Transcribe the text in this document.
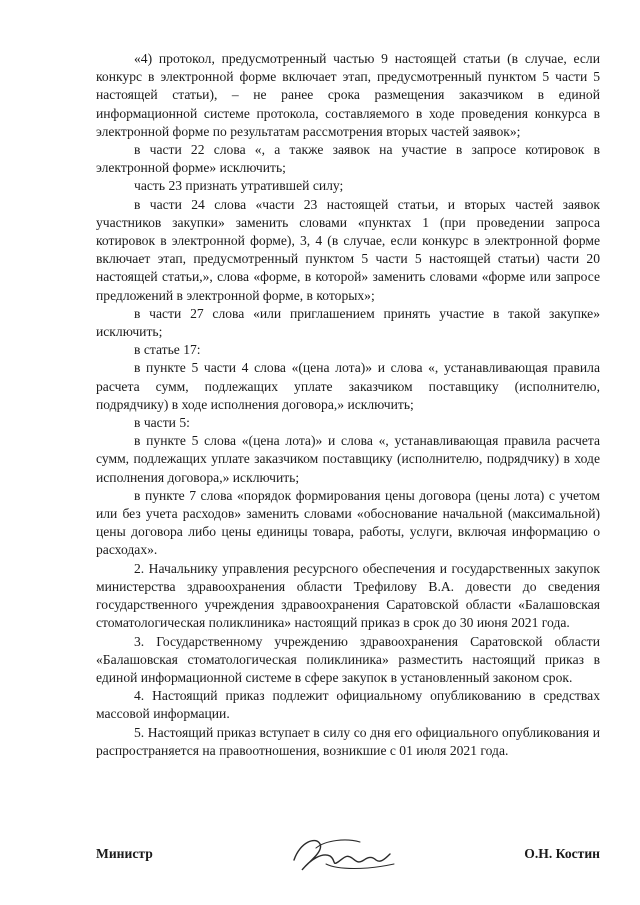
«4) протокол, предусмотренный частью 9 настоящей статьи (в случае, если конкурс в электронной форме включает этап, предусмотренный пунктом 5 части 5 настоящей статьи), – не ранее срока размещения заказчиком в единой информационной системе протокола, составляемого в ходе проведения конкурса в электронной форме по результатам рассмотрения вторых частей заявок»;

в части 22 слова «, а также заявок на участие в запросе котировок в электронной форме» исключить;

часть 23 признать утратившей силу;

в части 24 слова «части 23 настоящей статьи, и вторых частей заявок участников закупки» заменить словами «пунктах 1 (при проведении запроса котировок в электронной форме), 3, 4 (в случае, если конкурс в электронной форме включает этап, предусмотренный пунктом 5 части 5 настоящей статьи) части 20 настоящей статьи,», слова «форме, в которой» заменить словами «форме или запросе предложений в электронной форме, в которых»;

в части 27 слова «или приглашением принять участие в такой закупке» исключить;

в статье 17:

в пункте 5 части 4 слова «(цена лота)» и слова «, устанавливающая правила расчета сумм, подлежащих уплате заказчиком поставщику (исполнителю, подрядчику) в ходе исполнения договора,» исключить;

в части 5:

в пункте 5 слова «(цена лота)» и слова «, устанавливающая правила расчета сумм, подлежащих уплате заказчиком поставщику (исполнителю, подрядчику) в ходе исполнения договора,» исключить;

в пункте 7 слова «порядок формирования цены договора (цены лота) с учетом или без учета расходов» заменить словами «обоснование начальной (максимальной) цены договора либо цены единицы товара, работы, услуги, включая информацию о расходах».

2. Начальнику управления ресурсного обеспечения и государственных закупок министерства здравоохранения области Трефилову В.А. довести до сведения государственного учреждения здравоохранения Саратовской области «Балашовская стоматологическая поликлиника» настоящий приказ в срок до 30 июня 2021 года.

3. Государственному учреждению здравоохранения Саратовской области «Балашовская стоматологическая поликлиника» разместить настоящий приказ в единой информационной системе в сфере закупок в установленный законом срок.

4. Настоящий приказ подлежит официальному опубликованию в средствах массовой информации.

5. Настоящий приказ вступает в силу со дня его официального опубликования и распространяется на правоотношения, возникшие с 01 июля 2021 года.

Министр	О.Н. Костин
